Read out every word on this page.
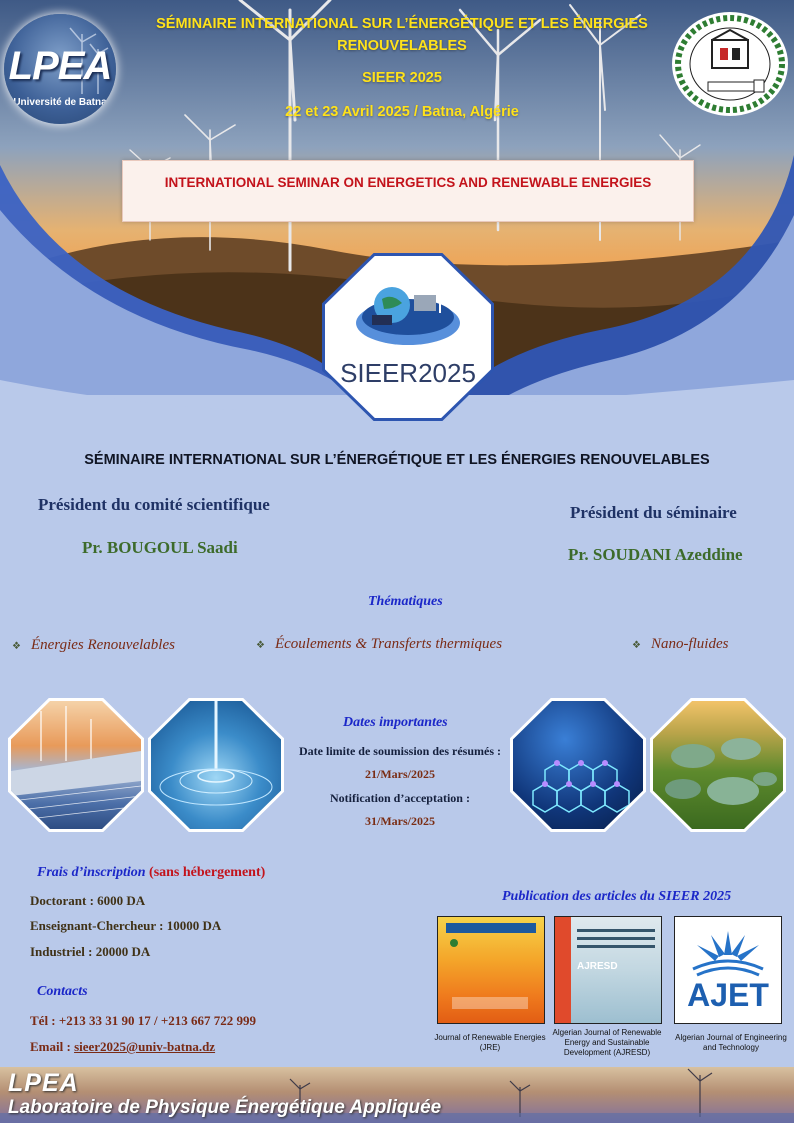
SÉMINAIRE INTERNATIONAL SUR L’ÉNERGÉTIQUE ET LES ÉNERGIES RENOUVELABLES
SIEER 2025
22 et 23 Avril 2025 / Batna, Algérie
INTERNATIONAL SEMINAR ON ENERGETICS AND RENEWABLE ENERGIES
LPEA
Université de Batna
SIEER2025
SÉMINAIRE INTERNATIONAL SUR L’ÉNERGÉTIQUE ET LES ÉNERGIES RENOUVELABLES
Président du comité scientifique
Pr. BOUGOUL Saadi
Président du séminaire
Pr. SOUDANI Azeddine
Thématiques
❖ Énergies Renouvelables	❖ Écoulements & Transferts thermiques	❖ Nano-fluides
Dates importantes
Date limite de soumission des résumés :
21/Mars/2025
Notification d’acceptation :
31/Mars/2025
Frais d’inscription (sans hébergement)
Doctorant : 6000 DA
Enseignant-Chercheur : 10000 DA
Industriel : 20000 DA
Contacts
Tél : +213 33 31 90 17 / +213 667 722 999
Email : sieer2025@univ-batna.dz
Publication des articles du SIEER 2025
Journal of Renewable Energies (JRE)
AJRESD
Algerian Journal of Renewable Energy and Sustainable Development (AJRESD)
AJET
Algerian Journal of Engineering and Technology
LPEA
Laboratoire de Physique Énergétique Appliquée
